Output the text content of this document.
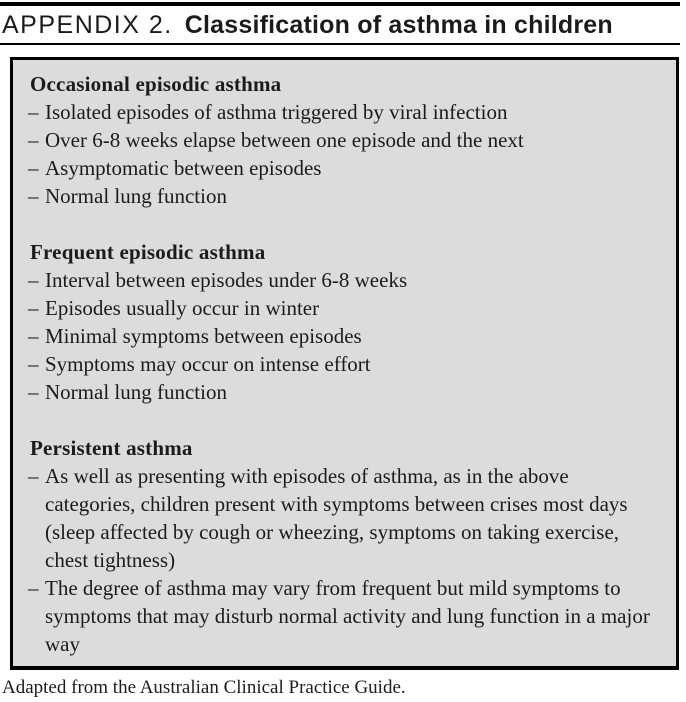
APPENDIX 2. Classification of asthma in children
Occasional episodic asthma
– Isolated episodes of asthma triggered by viral infection
– Over 6-8 weeks elapse between one episode and the next
– Asymptomatic between episodes
– Normal lung function
Frequent episodic asthma
– Interval between episodes under 6-8 weeks
– Episodes usually occur in winter
– Minimal symptoms between episodes
– Symptoms may occur on intense effort
– Normal lung function
Persistent asthma
– As well as presenting with episodes of asthma, as in the above categories, children present with symptoms between crises most days (sleep affected by cough or wheezing, symptoms on taking exercise, chest tightness)
– The degree of asthma may vary from frequent but mild symptoms to symptoms that may disturb normal activity and lung function in a major way
Adapted from the Australian Clinical Practice Guide.
